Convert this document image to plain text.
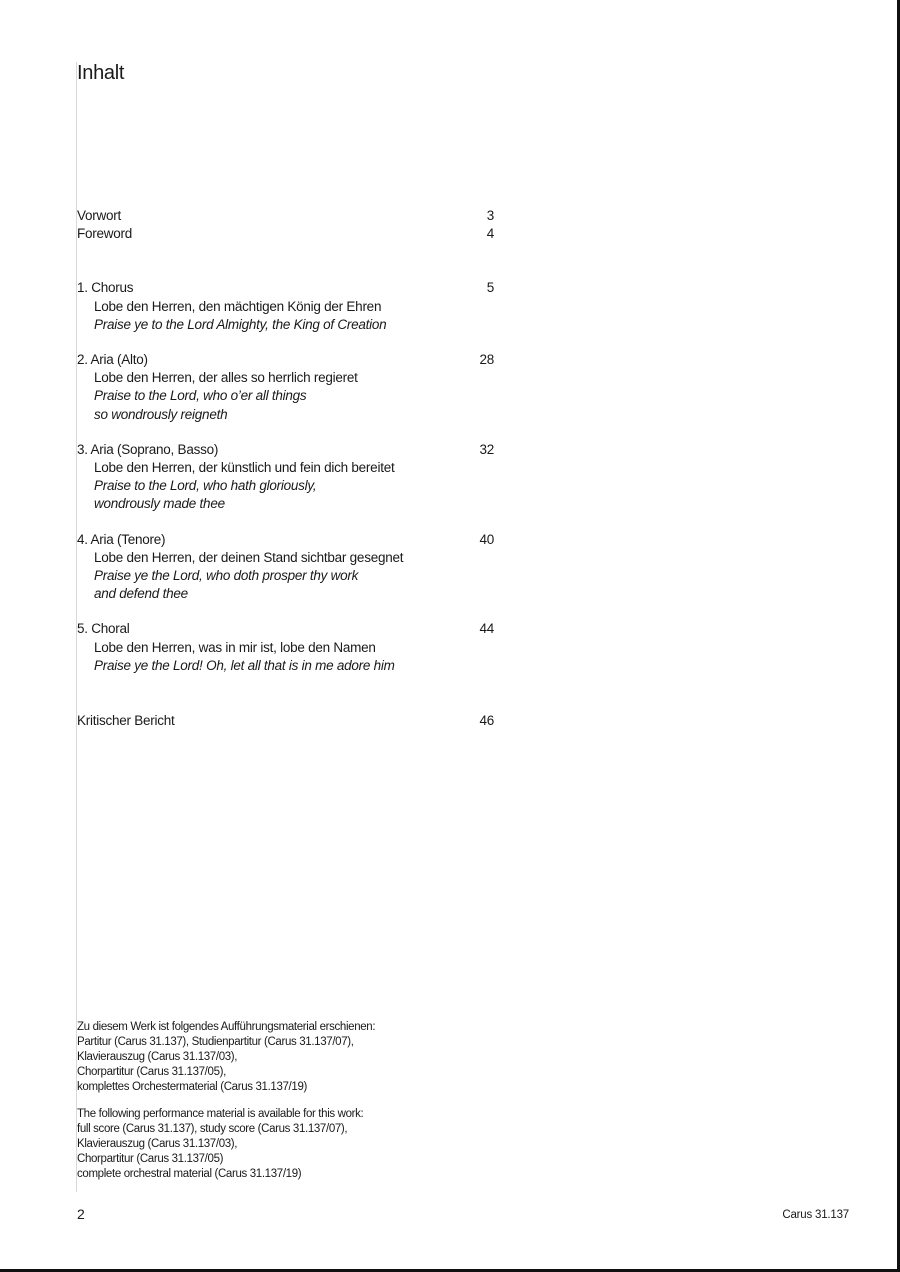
Inhalt
Vorwort	3
Foreword	4
1. Chorus	5
Lobe den Herren, den mächtigen König der Ehren
Praise ye to the Lord Almighty, the King of Creation
2. Aria (Alto)	28
Lobe den Herren, der alles so herrlich regieret
Praise to the Lord, who o’er all things
so wondrously reigneth
3. Aria (Soprano, Basso)	32
Lobe den Herren, der künstlich und fein dich bereitet
Praise to the Lord, who hath gloriously,
wondrously made thee
4. Aria (Tenore)	40
Lobe den Herren, der deinen Stand sichtbar gesegnet
Praise ye the Lord, who doth prosper thy work
and defend thee
5. Choral	44
Lobe den Herren, was in mir ist, lobe den Namen
Praise ye the Lord! Oh, let all that is in me adore him
Kritischer Bericht	46

Zu diesem Werk ist folgendes Aufführungsmaterial erschienen:
Partitur (Carus 31.137), Studienpartitur (Carus 31.137/07),
Klavierauszug (Carus 31.137/03),
Chorpartitur (Carus 31.137/05),
komplettes Orchestermaterial (Carus 31.137/19)

The following performance material is available for this work:
full score (Carus 31.137), study score (Carus 31.137/07),
Klavierauszug (Carus 31.137/03),
Chorpartitur (Carus 31.137/05)
complete orchestral material (Carus 31.137/19)

2	Carus 31.137
